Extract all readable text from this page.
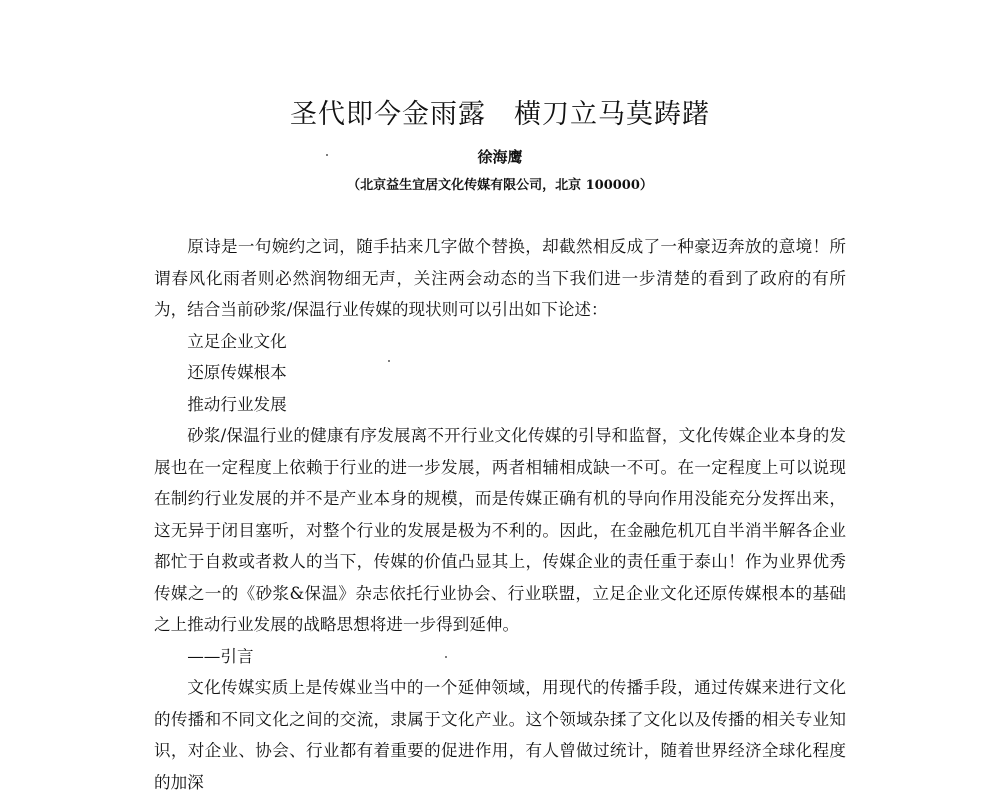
圣代即今金雨露　横刀立马莫踌躇
徐海鹰
（北京益生宜居文化传媒有限公司，北京 100000）

原诗是一句婉约之词，随手拈来几字做个替换，却截然相反成了一种豪迈奔放的意境！所谓春风化雨者则必然润物细无声，关注两会动态的当下我们进一步清楚的看到了政府的有所为，结合当前砂浆/保温行业传媒的现状则可以引出如下论述：

立足企业文化

还原传媒根本

推动行业发展

砂浆/保温行业的健康有序发展离不开行业文化传媒的引导和监督，文化传媒企业本身的发展也在一定程度上依赖于行业的进一步发展，两者相辅相成缺一不可。在一定程度上可以说现在制约行业发展的并不是产业本身的规模，而是传媒正确有机的导向作用没能充分发挥出来，这无异于闭目塞听，对整个行业的发展是极为不利的。因此，在金融危机兀自半消半解各企业都忙于自救或者救人的当下，传媒的价值凸显其上，传媒企业的责任重于泰山！作为业界优秀传媒之一的《砂浆&保温》杂志依托行业协会、行业联盟，立足企业文化还原传媒根本的基础之上推动行业发展的战略思想将进一步得到延伸。

——引言

文化传媒实质上是传媒业当中的一个延伸领域，用现代的传播手段，通过传媒来进行文化的传播和不同文化之间的交流，隶属于文化产业。这个领域杂揉了文化以及传播的相关专业知识，对企业、协会、行业都有着重要的促进作用，有人曾做过统计，随着世界经济全球化程度的加深
